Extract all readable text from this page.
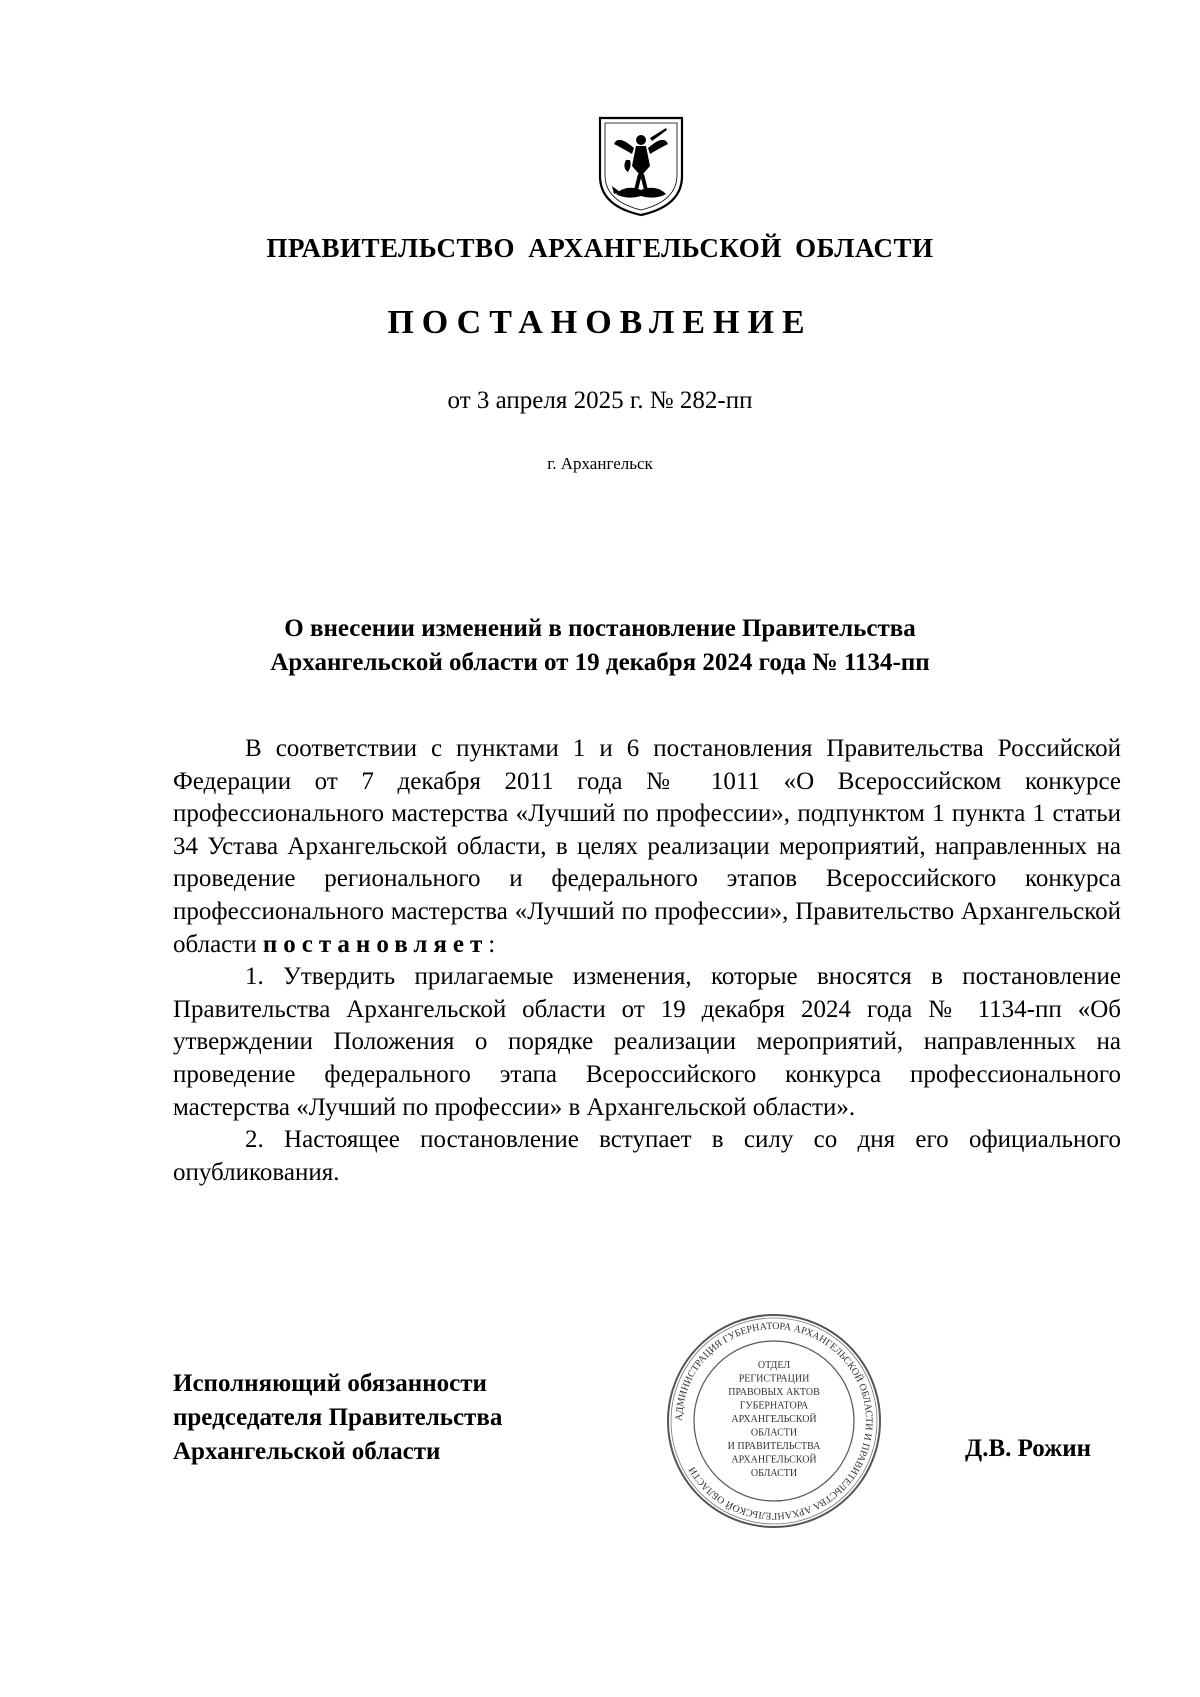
ПРАВИТЕЛЬСТВО АРХАНГЕЛЬСКОЙ ОБЛАСТИ
ПОСТАНОВЛЕНИЕ
от 3 апреля 2025 г. № 282-пп
г. Архангельск
О внесении изменений в постановление Правительства
Архангельской области от 19 декабря 2024 года № 1134-пп

В соответствии с пунктами 1 и 6 постановления Правительства Российской Федерации от 7 декабря 2011 года № 1011 «О Всероссийском конкурсе профессионального мастерства «Лучший по профессии», подпунктом 1 пункта 1 статьи 34 Устава Архангельской области, в целях реализации мероприятий, направленных на проведение регионального и федерального этапов Всероссийского конкурса профессионального мастерства «Лучший по профессии», Правительство Архангельской области постановляет:

1. Утвердить прилагаемые изменения, которые вносятся в постановление Правительства Архангельской области от 19 декабря 2024 года № 1134-пп «Об утверждении Положения о порядке реализации мероприятий, направленных на проведение федерального этапа Всероссийского конкурса профессионального мастерства «Лучший по профессии» в Архангельской области».

2. Настоящее постановление вступает в силу со дня его официального опубликования.

Исполняющий обязанности
председателя Правительства
Архангельской области
АДМИНИСТРАЦИЯ ГУБЕРНАТОРА АРХАНГЕЛЬСКОЙ ОБЛАСТИ И ПРАВИТЕЛЬСТВА АРХАНГЕЛЬСКОЙ ОБЛАСТИ
ОТДЕЛ
РЕГИСТРАЦИИ
ПРАВОВЫХ АКТОВ
ГУБЕРНАТОРА
АРХАНГЕЛЬСКОЙ
ОБЛАСТИ
И ПРАВИТЕЛЬСТВА
АРХАНГЕЛЬСКОЙ
ОБЛАСТИ
Д.В. Рожин
